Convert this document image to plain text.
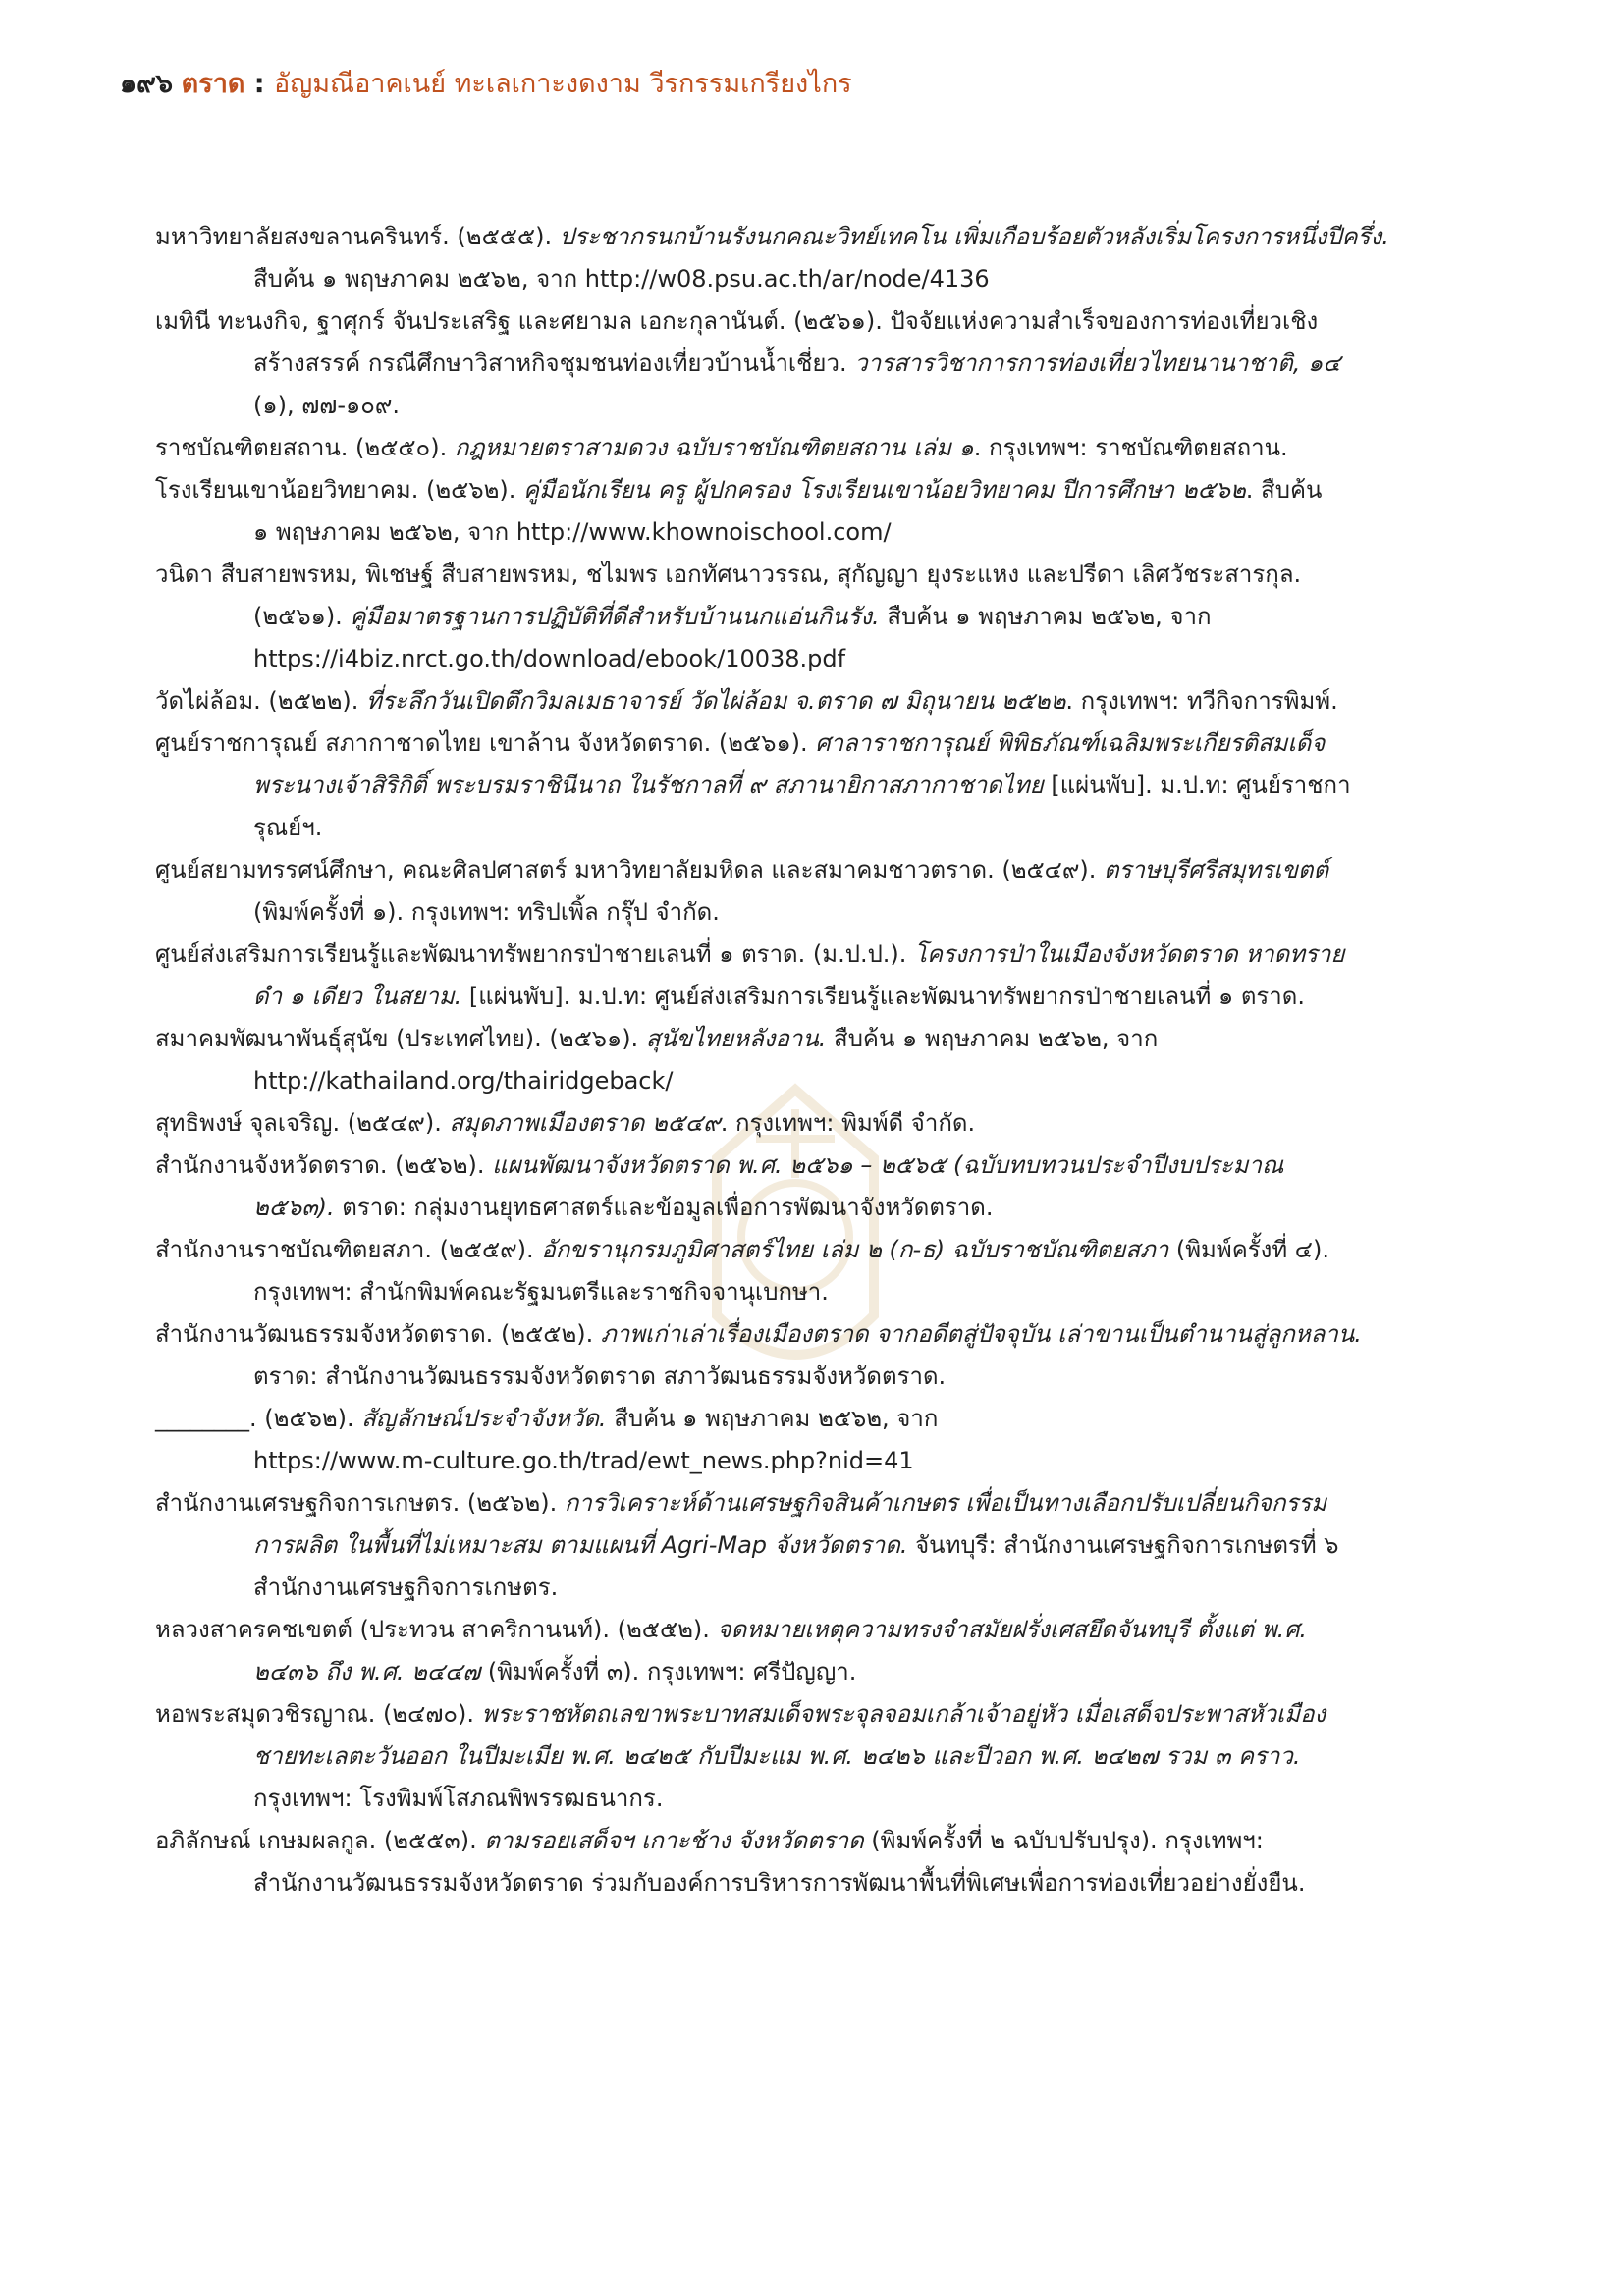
๑๙๖ ตราด : อัญมณีอาคเนย์ ทะเลเกาะงดงาม วีรกรรมเกรียงไกร
มหาวิทยาลัยสงขลานครินทร์. (๒๕๕๕). ประชากรนกบ้านรังนกคณะวิทย์เทคโน เพิ่มเกือบร้อยตัวหลังเริ่มโครงการหนึ่งปีครึ่ง.
สืบค้น ๑ พฤษภาคม ๒๕๖๒, จาก http://w08.psu.ac.th/ar/node/4136
เมทินี ทะนงกิจ, ฐาศุกร์ จันประเสริฐ และศยามล เอกะกุลานันต์. (๒๕๖๑). ปัจจัยแห่งความสำเร็จของการท่องเที่ยวเชิง
สร้างสรรค์ กรณีศึกษาวิสาหกิจชุมชนท่องเที่ยวบ้านน้ำเชี่ยว. วารสารวิชาการการท่องเที่ยวไทยนานาชาติ, ๑๔
(๑), ๗๗-๑๐๙.
ราชบัณฑิตยสถาน. (๒๕๕๐). กฎหมายตราสามดวง ฉบับราชบัณฑิตยสถาน เล่ม ๑. กรุงเทพฯ: ราชบัณฑิตยสถาน.
โรงเรียนเขาน้อยวิทยาคม. (๒๕๖๒). คู่มือนักเรียน ครู ผู้ปกครอง โรงเรียนเขาน้อยวิทยาคม ปีการศึกษา ๒๕๖๒. สืบค้น
๑ พฤษภาคม ๒๕๖๒, จาก http://www.khownoischool.com/
วนิดา สืบสายพรหม, พิเชษฐ์ สืบสายพรหม, ชไมพร เอกทัศนาวรรณ, สุกัญญา ยุงระแหง และปรีดา เลิศวัชระสารกุล.
(๒๕๖๑). คู่มือมาตรฐานการปฏิบัติที่ดีสำหรับบ้านนกแอ่นกินรัง. สืบค้น ๑ พฤษภาคม ๒๕๖๒, จาก
https://i4biz.nrct.go.th/download/ebook/10038.pdf
วัดไผ่ล้อม. (๒๕๒๒). ที่ระลึกวันเปิดตึกวิมลเมธาจารย์ วัดไผ่ล้อม จ.ตราด ๗ มิถุนายน ๒๕๒๒. กรุงเทพฯ: ทวีกิจการพิมพ์.
ศูนย์ราชการุณย์ สภากาชาดไทย เขาล้าน จังหวัดตราด. (๒๕๖๑). ศาลาราชการุณย์ พิพิธภัณฑ์เฉลิมพระเกียรติสมเด็จ
พระนางเจ้าสิริกิติ์ พระบรมราชินีนาถ ในรัชกาลที่ ๙ สภานายิกาสภากาชาดไทย [แผ่นพับ]. ม.ป.ท: ศูนย์ราชการุณย์ฯ.
ศูนย์สยามทรรศน์ศึกษา, คณะศิลปศาสตร์ มหาวิทยาลัยมหิดล และสมาคมชาวตราด. (๒๕๔๙). ตราษบุรีศรีสมุทรเขตต์
(พิมพ์ครั้งที่ ๑). กรุงเทพฯ: ทริปเพิ้ล กรุ๊ป จำกัด.
ศูนย์ส่งเสริมการเรียนรู้และพัฒนาทรัพยากรป่าชายเลนที่ ๑ ตราด. (ม.ป.ป.). โครงการป่าในเมืองจังหวัดตราด หาดทราย
ดำ ๑ เดียว ในสยาม. [แผ่นพับ]. ม.ป.ท: ศูนย์ส่งเสริมการเรียนรู้และพัฒนาทรัพยากรป่าชายเลนที่ ๑ ตราด.
สมาคมพัฒนาพันธุ์สุนัข (ประเทศไทย). (๒๕๖๑). สุนัขไทยหลังอาน. สืบค้น ๑ พฤษภาคม ๒๕๖๒, จาก
http://kathailand.org/thairidgeback/
สุทธิพงษ์ จุลเจริญ. (๒๕๔๙). สมุดภาพเมืองตราด ๒๕๔๙. กรุงเทพฯ: พิมพ์ดี จำกัด.
สำนักงานจังหวัดตราด. (๒๕๖๒). แผนพัฒนาจังหวัดตราด พ.ศ. ๒๕๖๑ – ๒๕๖๕ (ฉบับทบทวนประจำปีงบประมาณ
๒๕๖๓). ตราด: กลุ่มงานยุทธศาสตร์และข้อมูลเพื่อการพัฒนาจังหวัดตราด.
สำนักงานราชบัณฑิตยสภา. (๒๕๕๙). อักขรานุกรมภูมิศาสตร์ไทย เล่ม ๒ (ก-ธ) ฉบับราชบัณฑิตยสภา (พิมพ์ครั้งที่ ๔).
กรุงเทพฯ: สำนักพิมพ์คณะรัฐมนตรีและราชกิจจานุเบกษา.
สำนักงานวัฒนธรรมจังหวัดตราด. (๒๕๕๒). ภาพเก่าเล่าเรื่องเมืองตราด จากอดีตสู่ปัจจุบัน เล่าขานเป็นตำนานสู่ลูกหลาน.
ตราด: สำนักงานวัฒนธรรมจังหวัดตราด สภาวัฒนธรรมจังหวัดตราด.
________. (๒๕๖๒). สัญลักษณ์ประจำจังหวัด. สืบค้น ๑ พฤษภาคม ๒๕๖๒, จาก
https://www.m-culture.go.th/trad/ewt_news.php?nid=41
สำนักงานเศรษฐกิจการเกษตร. (๒๕๖๒). การวิเคราะห์ด้านเศรษฐกิจสินค้าเกษตร เพื่อเป็นทางเลือกปรับเปลี่ยนกิจกรรม
การผลิต ในพื้นที่ไม่เหมาะสม ตามแผนที่ Agri-Map จังหวัดตราด. จันทบุรี: สำนักงานเศรษฐกิจการเกษตรที่ ๖
สำนักงานเศรษฐกิจการเกษตร.
หลวงสาครคชเขตต์ (ประทวน สาคริกานนท์). (๒๕๕๒). จดหมายเหตุความทรงจำสมัยฝรั่งเศสยึดจันทบุรี ตั้งแต่ พ.ศ.
๒๔๓๖ ถึง พ.ศ. ๒๔๔๗ (พิมพ์ครั้งที่ ๓). กรุงเทพฯ: ศรีปัญญา.
หอพระสมุดวชิรญาณ. (๒๔๗๐). พระราชหัตถเลขาพระบาทสมเด็จพระจุลจอมเกล้าเจ้าอยู่หัว เมื่อเสด็จประพาสหัวเมือง
ชายทะเลตะวันออก ในปีมะเมีย พ.ศ. ๒๔๒๕ กับปีมะแม พ.ศ. ๒๔๒๖ และปีวอก พ.ศ. ๒๔๒๗ รวม ๓ คราว.
กรุงเทพฯ: โรงพิมพ์โสภณพิพรรฒธนากร.
อภิลักษณ์ เกษมผลกูล. (๒๕๕๓). ตามรอยเสด็จฯ เกาะช้าง จังหวัดตราด (พิมพ์ครั้งที่ ๒ ฉบับปรับปรุง). กรุงเทพฯ:
สำนักงานวัฒนธรรมจังหวัดตราด ร่วมกับองค์การบริหารการพัฒนาพื้นที่พิเศษเพื่อการท่องเที่ยวอย่างยั่งยืน.
